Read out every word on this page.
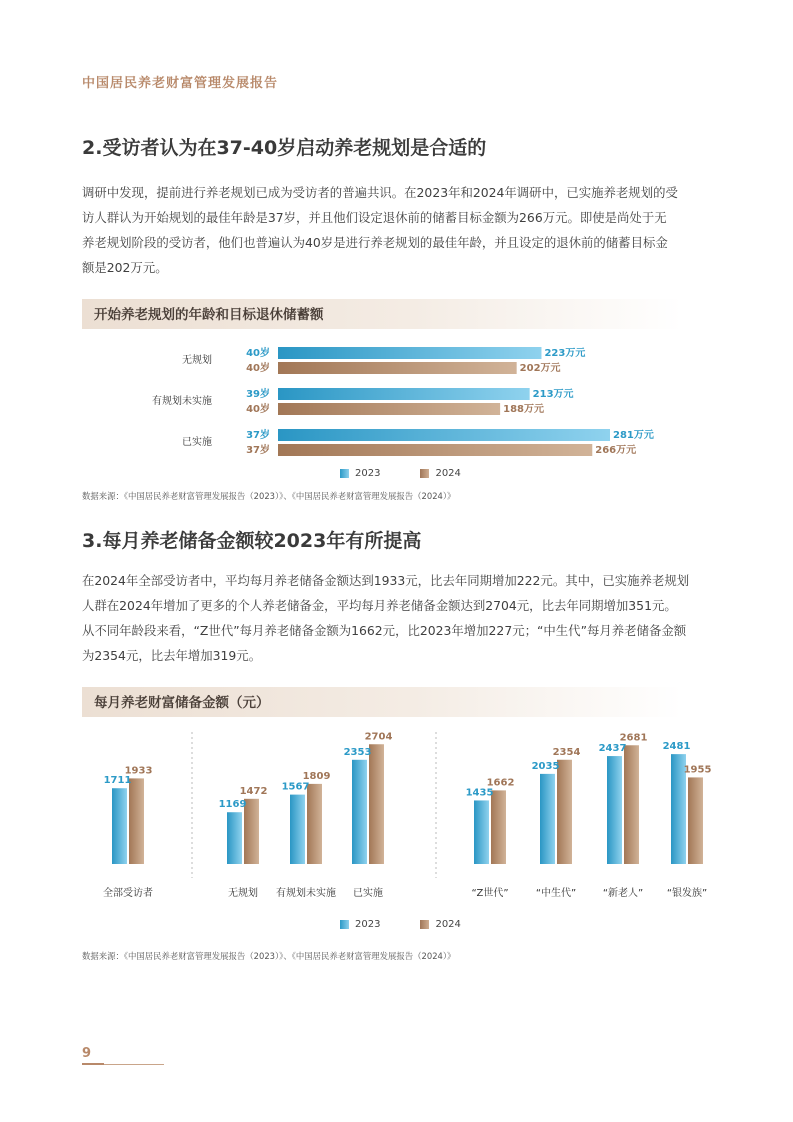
中国居民养老财富管理发展报告
2.受访者认为在37-40岁启动养老规划是合适的
调研中发现，提前进行养老规划已成为受访者的普遍共识。在2023年和2024年调研中，已实施养老规划的受
访人群认为开始规划的最佳年龄是37岁，并且他们设定退休前的储蓄目标金额为266万元。即使是尚处于无
养老规划阶段的受访者，他们也普遍认为40岁是进行养老规划的最佳年龄，并且设定的退休前的储蓄目标金
额是202万元。
开始养老规划的年龄和目标退休储蓄额
无规划
40岁	223万元
40岁	202万元
有规划未实施
39岁	213万元
40岁	188万元
已实施
37岁	281万元
37岁	266万元
2023	2024
数据来源：《中国居民养老财富管理发展报告（2023）》、《中国居民养老财富管理发展报告（2024）》
3.每月养老储备金额较2023年有所提高
在2024年全部受访者中，平均每月养老储备金额达到1933元，比去年同期增加222元。其中，已实施养老规划
人群在2024年增加了更多的个人养老储备金，平均每月养老储备金额达到2704元，比去年同期增加351元。
从不同年龄段来看，“Z世代”每月养老储备金额为1662元，比2023年增加227元；“中生代”每月养老储备金额
为2354元，比去年增加319元。
每月养老财富储备金额（元）
1711
1933
全部受访者
1169
1472
无规划
1567
1809
有规划未实施
2353
2704
已实施
1435
1662
“Z世代”
2035
2354
“中生代”
2437
2681
“新老人”
2481
1955
“银发族”
2023	2024
数据来源：《中国居民养老财富管理发展报告（2023）》、《中国居民养老财富管理发展报告（2024）》
9
